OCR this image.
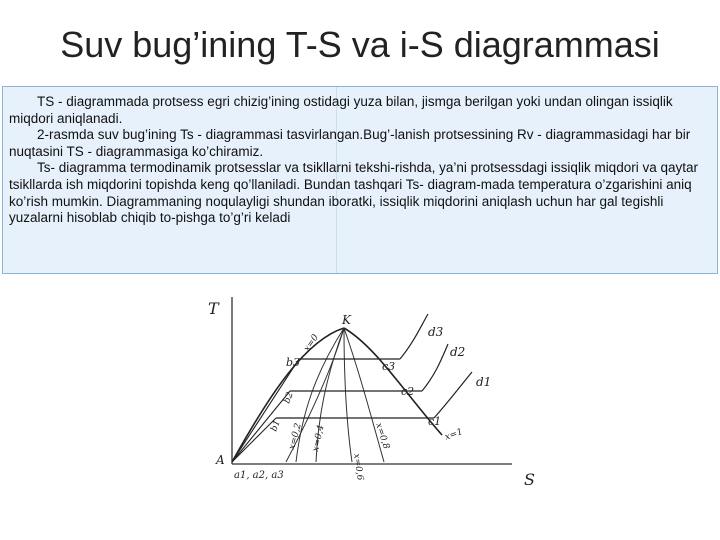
Suv bug’ining T-S va i-S diagrammasi

TS - diagrammada protsess egri chizig’ining ostidagi yuza bilan, jismga berilgan yoki undan olingan issiqlik miqdori aniqlanadi.

2-rasmda suv bug’ining Ts - diagrammasi tasvirlangan.Bug’-lanish protsessining Rv - diagrammasidagi har bir nuqtasini TS - diagrammasiga ko’chiramiz.

Ts- diagramma termodinamik protsesslar va tsikllarni tekshi-rishda, ya’ni protsessdagi issiqlik miqdori va qaytar tsikllarda ish miqdorini topishda keng qo’llaniladi. Bundan tashqari Ts- diagram-mada temperatura o’zgarishini aniq ko’rish mumkin. Diagrammaning noqulayligi shundan iboratki, issiqlik miqdorini aniqlash uchun har gal tegishli yuzalarni hisoblab chiqib to-pishga to’g’ri keladi

T
S
K
A
a1, a2, a3
b3
b2
b1
c3
c2
c1
d3
d2
d1
x=0
x=1
x=0,2 x=0,4
x=0,6
x=0,8
